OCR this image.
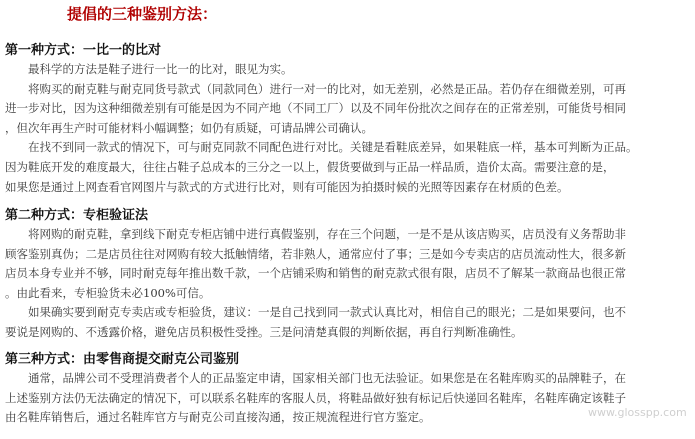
提倡的三种鉴别方法：
第一种方式：一比一的比对
　　最科学的方法是鞋子进行一比一的比对，眼见为实。
　　将购买的耐克鞋与耐克同货号款式（同款同色）进行一对一的比对，如无差别，必然是正品。若仍存在细微差别，可再
进一步对比，因为这种细微差别有可能是因为不同产地（不同工厂）以及不同年份批次之间存在的正常差别，可能货号相同
，但次年再生产时可能材料小幅调整；如仍有质疑，可请品牌公司确认。
　　在找不到同一款式的情况下，可与耐克同款不同配色进行对比。关键是看鞋底差异，如果鞋底一样，基本可判断为正品。
因为鞋底开发的难度最大，往往占鞋子总成本的三分之一以上，假货要做到与正品一样品质，造价太高。需要注意的是，
如果您是通过上网查看官网图片与款式的方式进行比对，则有可能因为拍摄时候的光照等因素存在材质的色差。
第二种方式：专柜验证法
　　将网购的耐克鞋，拿到线下耐克专柜店铺中进行真假鉴别，存在三个问题，一是不是从该店购买，店员没有义务帮助非
顾客鉴别真伪；二是店员往往对网购有较大抵触情绪，若非熟人，通常应付了事；三是如今专卖店的店员流动性大，很多新
店员本身专业并不够，同时耐克每年推出数千款，一个店铺采购和销售的耐克款式很有限，店员不了解某一款商品也很正常
。由此看来，专柜验货未必100%可信。
　　如果确实要到耐克专卖店或专柜验货，建议：一是自己找到同一款式认真比对，相信自己的眼光；二是如果要问，也不
要说是网购的、不透露价格，避免店员积极性受挫。三是问清楚真假的判断依据，再自行判断准确性。
第三种方式：由零售商提交耐克公司鉴别
　　通常，品牌公司不受理消费者个人的正品鉴定申请，国家相关部门也无法验证。如果您是在名鞋库购买的品牌鞋子，在
上述鉴别方法仍无法确定的情况下，可以联系名鞋库的客服人员，将鞋品做好独有标记后快递回名鞋库，名鞋库确定该鞋子
由名鞋库销售后，通过名鞋库官方与耐克公司直接沟通，按正规流程进行官方鉴定。	www.glosspp.com
